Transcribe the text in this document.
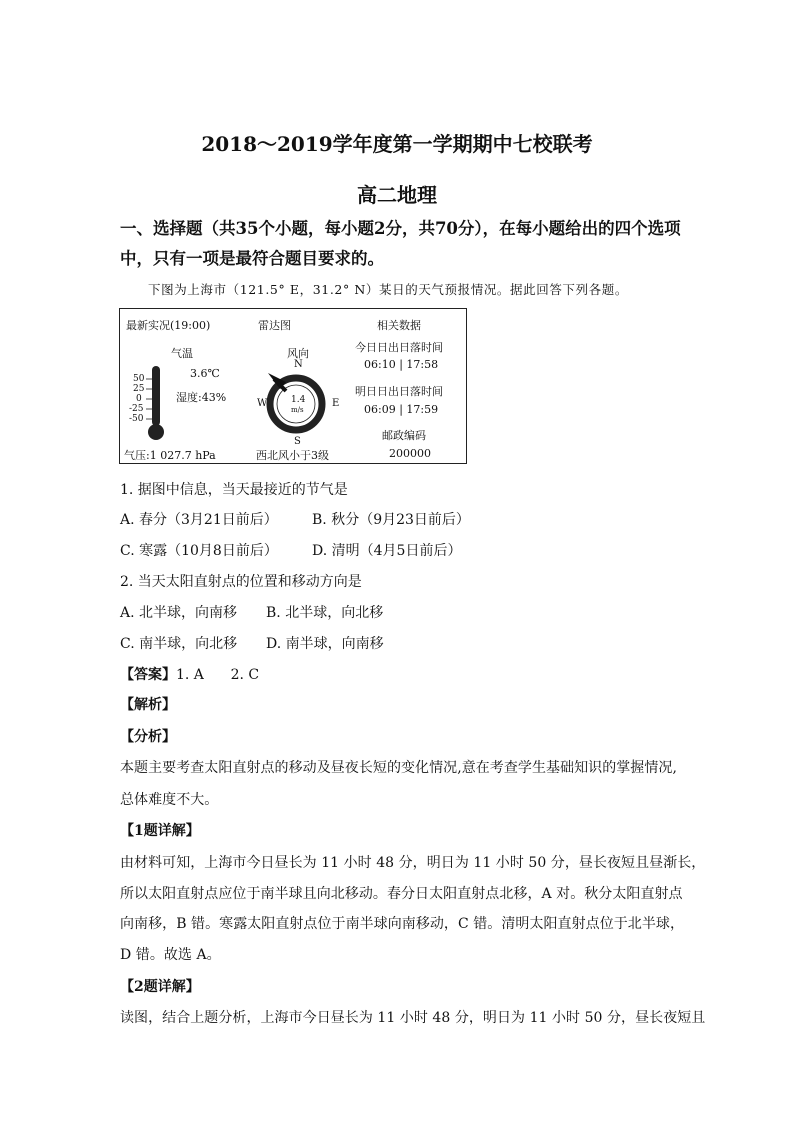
2018～2019学年度第一学期期中七校联考
高二地理
一、选择题（共35个小题，每小题2分，共70分），在每小题给出的四个选项
中，只有一项是最符合题目要求的。
下图为上海市（121.5° E，31.2° N）某日的天气预报情况。据此回答下列各题。
最新实况(19:00)
气温
3.6℃
湿度:43%
50
25
0
-25
-50
气压:1 027.7 hPa
雷达图
风向
N
W	E
S
1.4
m/s
西北风小于3级
相关数据
今日日出日落时间
06:10 | 17:58
明日日出日落时间
06:09 | 17:59
邮政编码
200000
1. 据图中信息，当天最接近的节气是
A. 春分（3月21日前后） B. 秋分（9月23日前后）
C. 寒露（10月8日前后） D. 清明（4月5日前后）
2. 当天太阳直射点的位置和移动方向是
A. 北半球，向南移 B. 北半球，向北移
C. 南半球，向北移 D. 南半球，向南移
【答案】1. A      2. C
【解析】
【分析】
本题主要考查太阳直射点的移动及昼夜长短的变化情况,意在考查学生基础知识的掌握情况,
总体难度不大。
【1题详解】
由材料可知，上海市今日昼长为 11 小时 48 分，明日为 11 小时 50 分，昼长夜短且昼渐长，
所以太阳直射点应位于南半球且向北移动。春分日太阳直射点北移，A 对。秋分太阳直射点
向南移，B 错。寒露太阳直射点位于南半球向南移动，C 错。清明太阳直射点位于北半球，
D 错。故选 A。
【2题详解】
读图，结合上题分析，上海市今日昼长为 11 小时 48 分，明日为 11 小时 50 分，昼长夜短且
